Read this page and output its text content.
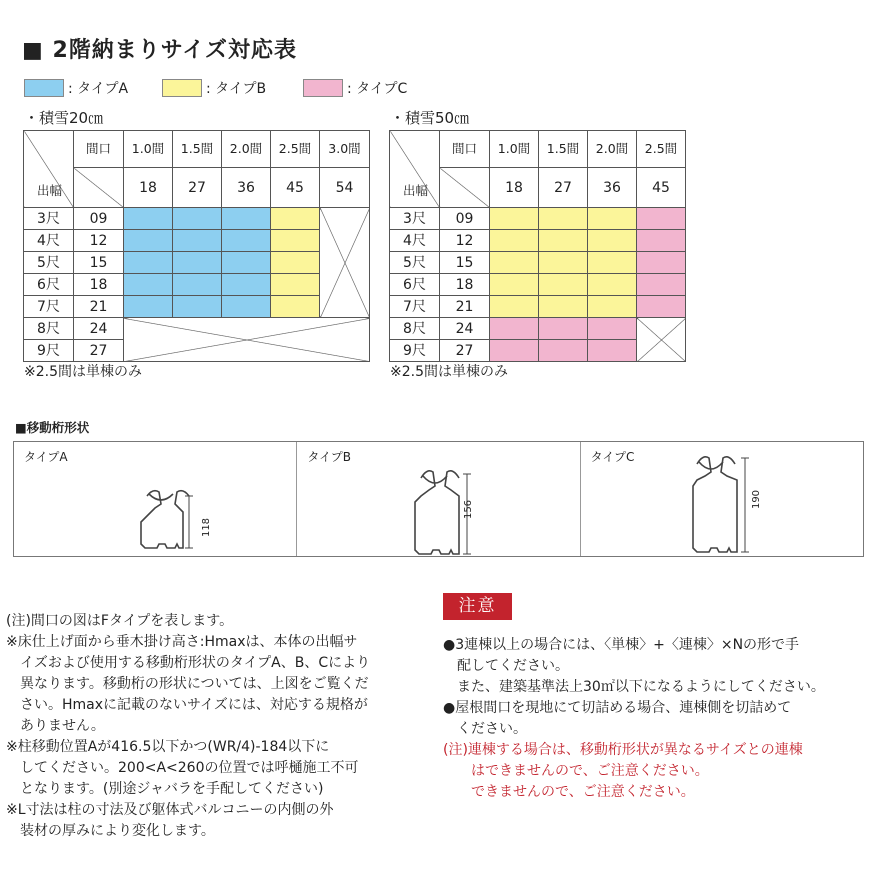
■ 2階納まりサイズ対応表
: タイプA	: タイプB	: タイプC
・積雪20㎝	・積雪50㎝
出幅	間口	1.0間	1.5間	2.0間	2.5間	3.0間
		18	27	36	45	54
3尺	09					
4尺	12					
5尺	15					
6尺	18					
7尺	21					
8尺	24					
9尺	27					
出幅	間口	1.0間	1.5間	2.0間	2.5間
		18	27	36	45
3尺	09				
4尺	12				
5尺	15				
6尺	18				
7尺	21				
8尺	24				
9尺	27				
※2.5間は単棟のみ	※2.5間は単棟のみ
■移動桁形状
タイプA
118
タイプB
156
タイプC
190
(注)間口の図はFタイプを表します。
※床仕上げ面から垂木掛け高さ:Hmaxは、本体の出幅サ
　イズおよび使用する移動桁形状のタイプA、B、Cにより
　異なります。移動桁の形状については、上図をご覧くだ
　さい。Hmaxに記載のないサイズには、対応する規格が
　ありません。
※柱移動位置Aが416.5以下かつ(WR/4)-184以下に
　してください。200<A<260の位置では呼樋施工不可
　となります。(別途ジャバラを手配してください)
※L寸法は柱の寸法及び躯体式バルコニーの内側の外
　装材の厚みにより変化します。
注意
●3連棟以上の場合には、〈単棟〉+〈連棟〉×Nの形で手
　配してください。
　また、建築基準法上30㎡以下になるようにしてください。
●屋根間口を現地にて切詰める場合、連棟側を切詰めて
　ください。
(注)連棟する場合は、移動桁形状が異なるサイズとの連棟
　　はできませんので、ご注意ください。
　　できませんので、ご注意ください。
